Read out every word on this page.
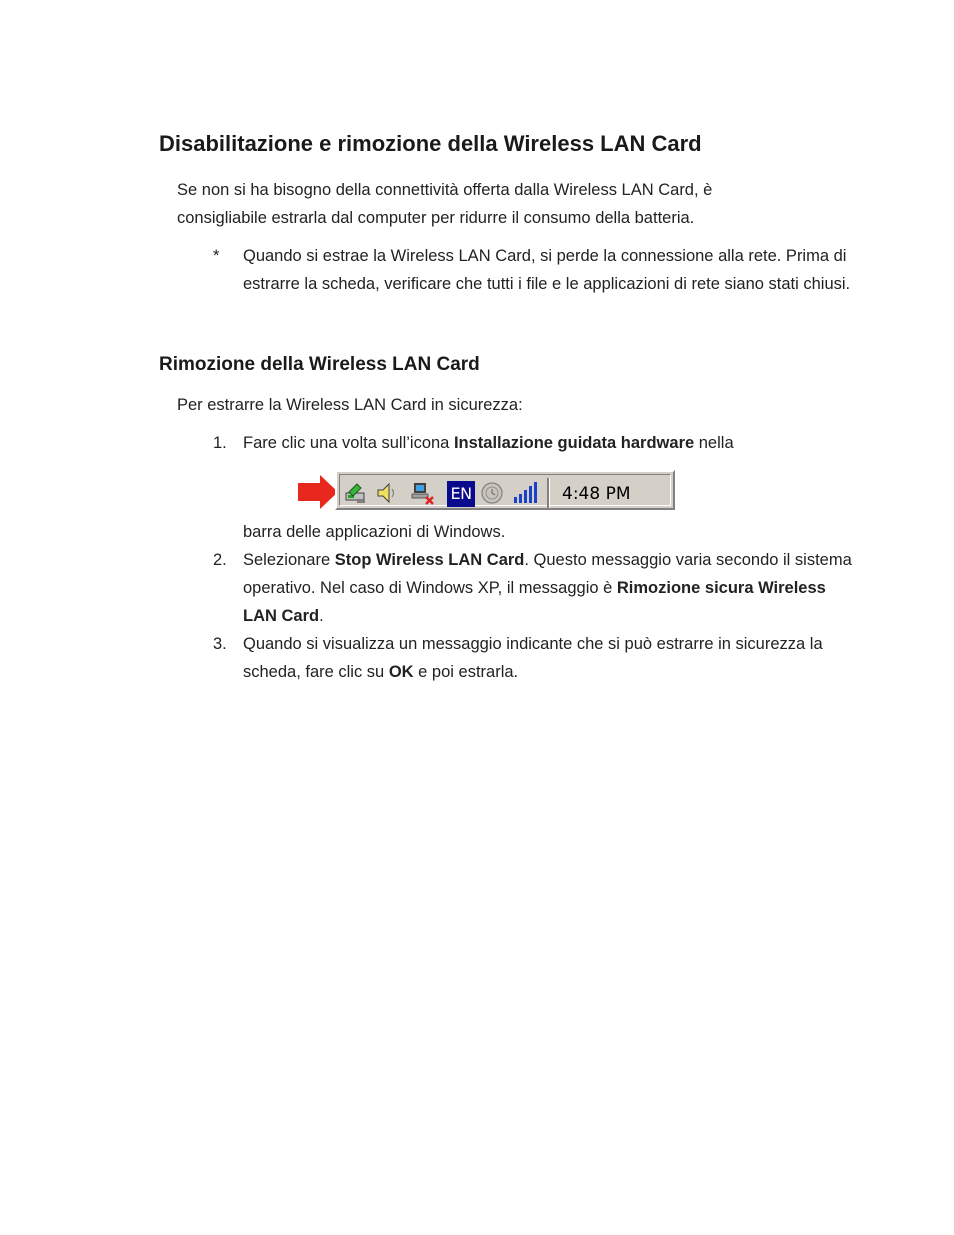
Disabilitazione e rimozione della Wireless LAN Card
Se non si ha bisogno della connettività offerta dalla Wireless LAN Card, è
consigliabile estrarla dal computer per ridurre il consumo della batteria.
*	Quando si estrae la Wireless LAN Card, si perde la connessione alla rete. Prima di estrarre la scheda, verificare che tutti i file e le applicazioni di rete siano stati chiusi.
Rimozione della Wireless LAN Card
Per estrarre la Wireless LAN Card in sicurezza:
1. Fare clic una volta sull’icona Installazione guidata hardware nella
EN	4:48 PM
barra delle applicazioni di Windows.
2. Selezionare Stop Wireless LAN Card. Questo messaggio varia secondo il sistema operativo. Nel caso di Windows XP, il messaggio è Rimozione sicura Wireless LAN Card.
3. Quando si visualizza un messaggio indicante che si può estrarre in sicurezza la scheda, fare clic su OK e poi estrarla.
